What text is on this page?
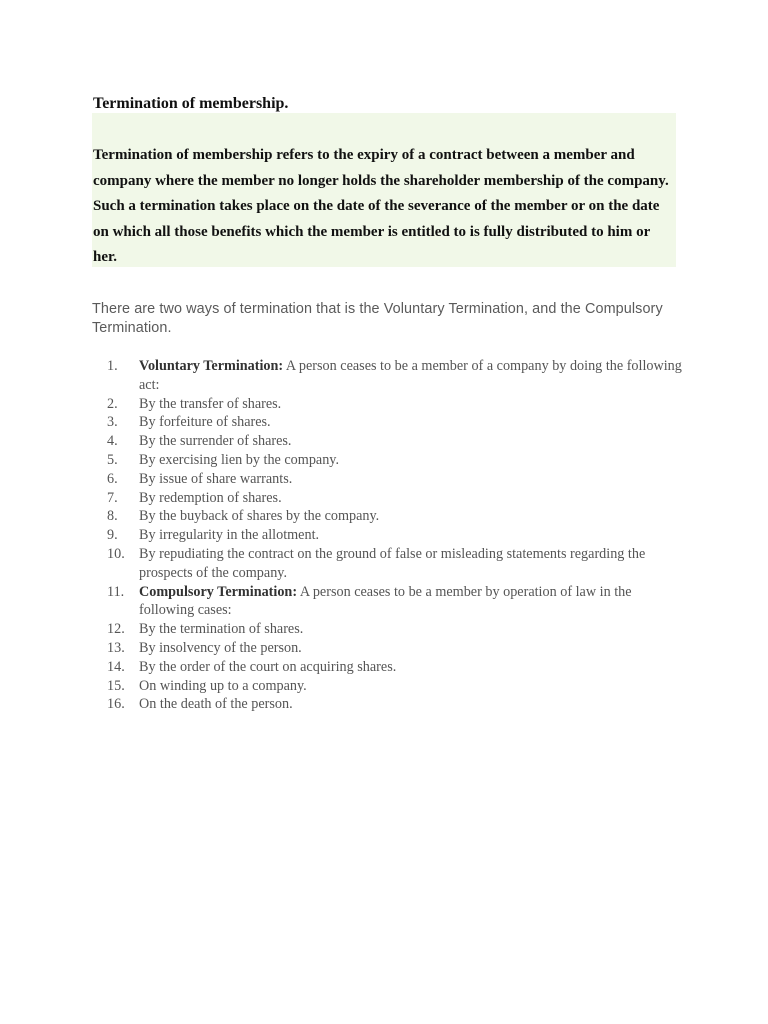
Termination of membership.
Termination of membership refers to the expiry of a contract between a member and company where the member no longer holds the shareholder membership of the company. Such a termination takes place on the date of the severance of the member or on the date on which all those benefits which the member is entitled to is fully distributed to him or her.
There are two ways of termination that is the Voluntary Termination, and the Compulsory Termination.
1.	Voluntary Termination: A person ceases to be a member of a company by doing the following act:
2.	By the transfer of shares.
3.	By forfeiture of shares.
4.	By the surrender of shares.
5.	By exercising lien by the company.
6.	By issue of share warrants.
7.	By redemption of shares.
8.	By the buyback of shares by the company.
9.	By irregularity in the allotment.
10.	By repudiating the contract on the ground of false or misleading statements regarding the prospects of the company.
11.	Compulsory Termination: A person ceases to be a member by operation of law in the following cases:
12.	By the termination of shares.
13.	By insolvency of the person.
14.	By the order of the court on acquiring shares.
15.	On winding up to a company.
16.	On the death of the person.
